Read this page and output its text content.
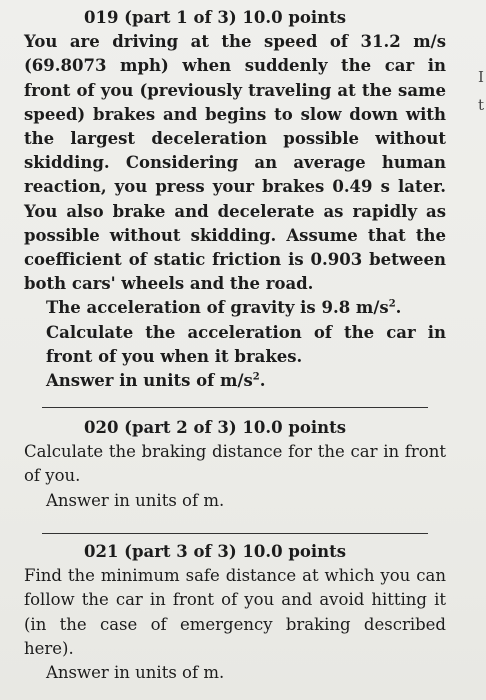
019 (part 1 of 3) 10.0 points
You are driving at the speed of 31.2 m/s (69.8073 mph) when suddenly the car in front of you (previously traveling at the same speed) brakes and begins to slow down with the largest deceleration possible without skidding. Considering an average human reaction, you press your brakes 0.49 s later. You also brake and decelerate as rapidly as possible without skidding. Assume that the coefficient of static friction is 0.903 between both cars' wheels and the road.
The acceleration of gravity is 9.8 $m/s^2$.
Calculate the acceleration of the car in front of you when it brakes.
Answer in units of $m/s^2$.
020 (part 2 of 3) 10.0 points
Calculate the braking distance for the car in front of you.
Answer in units of m.
021 (part 3 of 3) 10.0 points
Find the minimum safe distance at which you can follow the car in front of you and avoid hitting it (in the case of emergency braking described here).
Answer in units of m.
I
t
